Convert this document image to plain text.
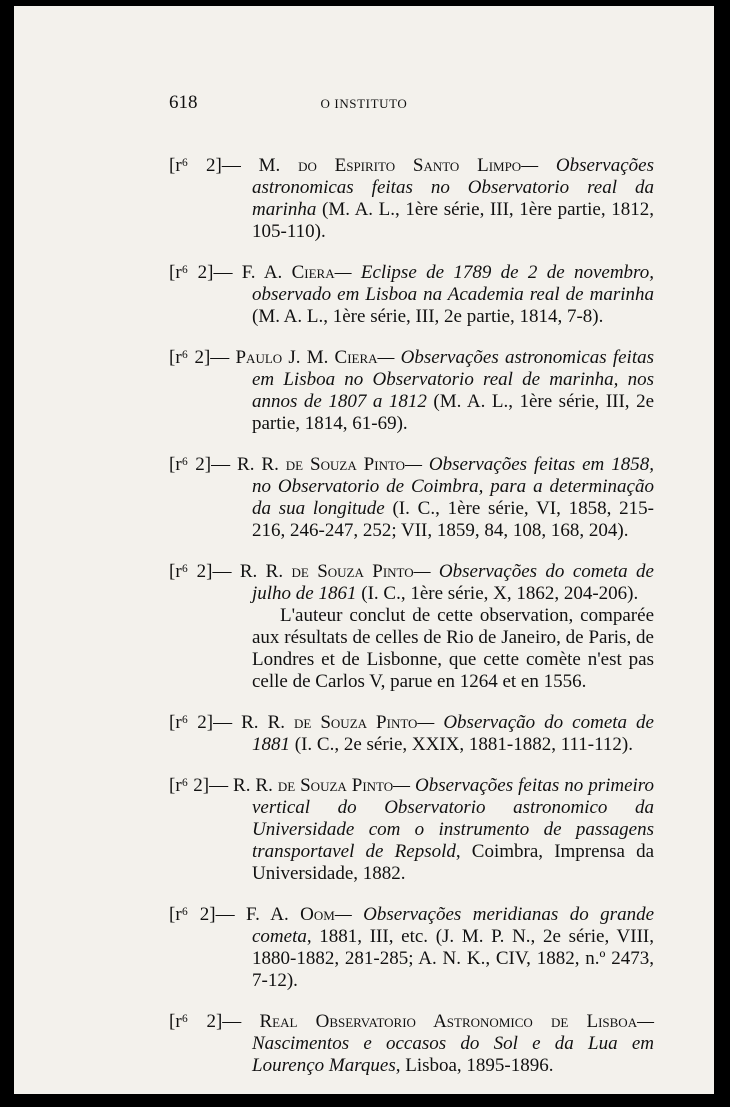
618	O INSTITUTO

[r⁶ 2]— M. do Espirito Santo Limpo— Observações astronomicas feitas no Observatorio real da marinha (M. A. L., 1ère série, III, 1ère partie, 1812, 105-110).

[r⁶ 2]— F. A. Ciera— Eclipse de 1789 de 2 de novembro, observado em Lisboa na Academia real de marinha (M. A. L., 1ère série, III, 2e partie, 1814, 7-8).

[r⁶ 2]— Paulo J. M. Ciera— Observações astronomicas feitas em Lisboa no Observatorio real de marinha, nos annos de 1807 a 1812 (M. A. L., 1ère série, III, 2e partie, 1814, 61-69).

[r⁶ 2]— R. R. de Souza Pinto— Observações feitas em 1858, no Observatorio de Coimbra, para a determinação da sua longitude (I. C., 1ère série, VI, 1858, 215-216, 246-247, 252; VII, 1859, 84, 108, 168, 204).

[r⁶ 2]— R. R. de Souza Pinto— Observações do cometa de julho de 1861 (I. C., 1ère série, X, 1862, 204-206).
L'auteur conclut de cette observation, comparée aux résultats de celles de Rio de Janeiro, de Paris, de Londres et de Lisbonne, que cette comète n'est pas celle de Carlos V, parue en 1264 et en 1556.

[r⁶ 2]— R. R. de Souza Pinto— Observação do cometa de 1881 (I. C., 2e série, XXIX, 1881-1882, 111-112).

[r⁶ 2]— R. R. de Souza Pinto— Observações feitas no primeiro vertical do Observatorio astronomico da Universidade com o instrumento de passagens transportavel de Repsold, Coimbra, Imprensa da Universidade, 1882.

[r⁶ 2]— F. A. Oom— Observações meridianas do grande cometa, 1881, III, etc. (J. M. P. N., 2e série, VIII, 1880-1882, 281-285; A. N. K., CIV, 1882, n.º 2473, 7-12).

[r⁶ 2]— Real Observatorio Astronomico de Lisboa— Nascimentos e occasos do Sol e da Lua em Lourenço Marques, Lisboa, 1895-1896.
